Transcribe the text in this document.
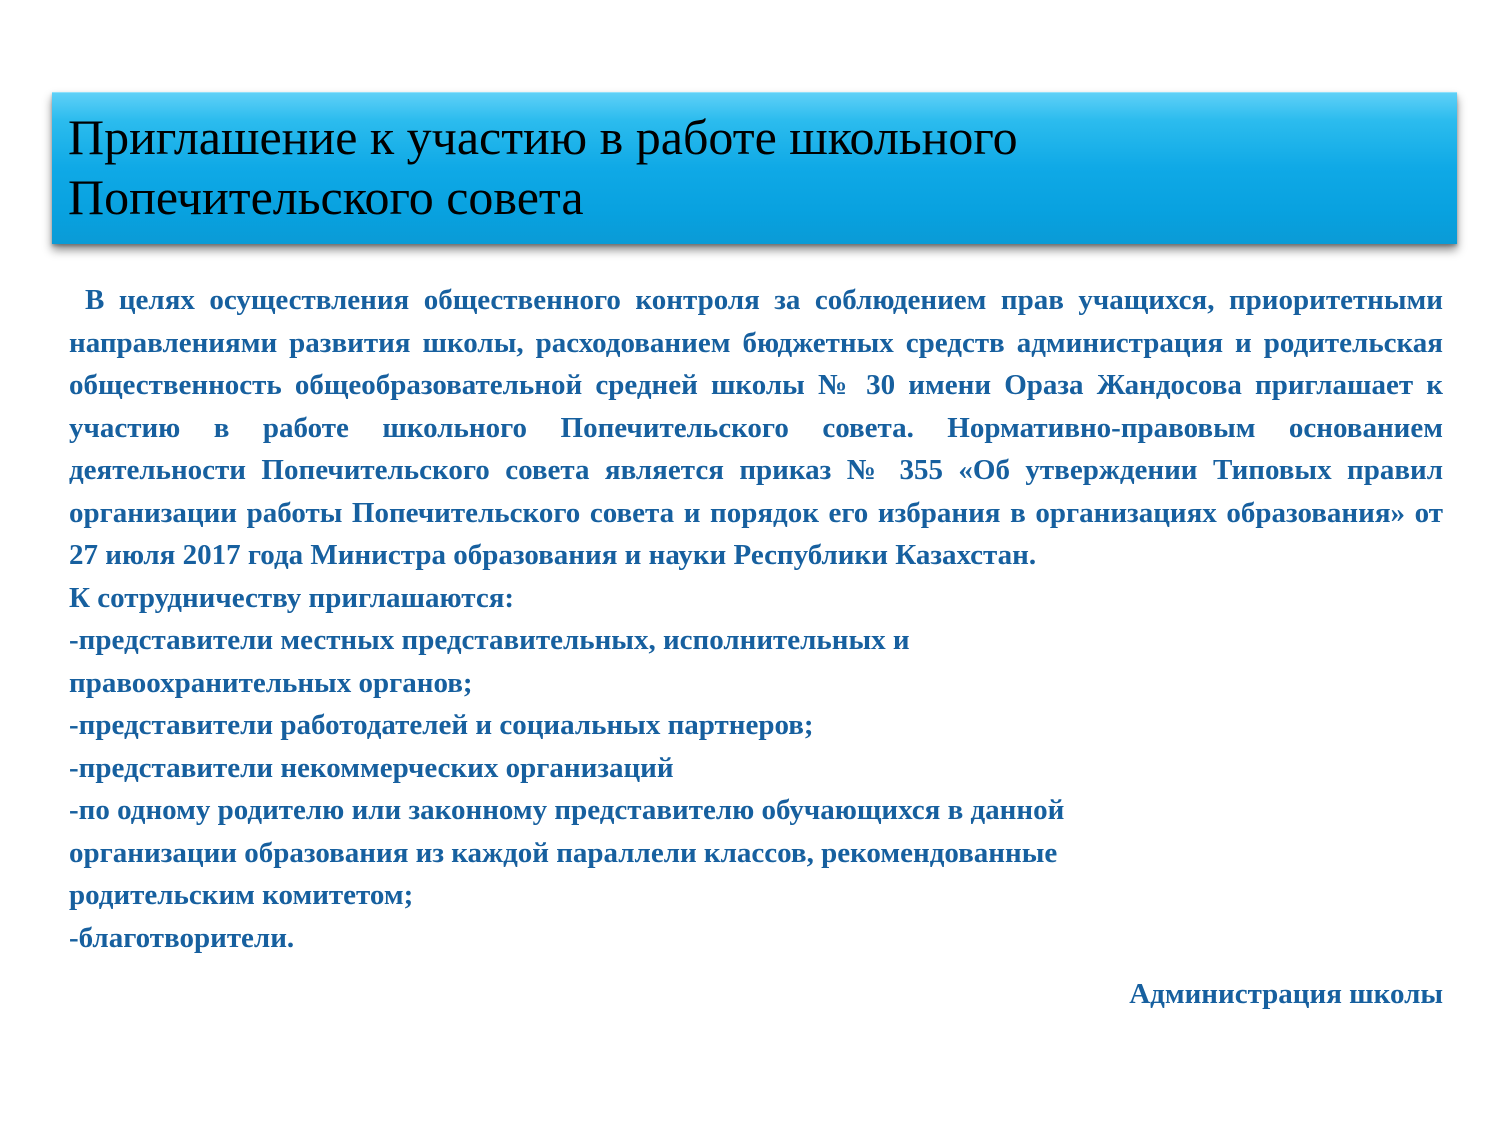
Приглашение к участию в работе школьного
Попечительского совета

В целях осуществления общественного контроля за соблюдением прав учащихся, приоритетными направлениями развития школы, расходованием бюджетных средств администрация и родительская общественность общеобразовательной средней школы № 30 имени Ораза Жандосова приглашает к участию в работе школьного Попечительского совета. Нормативно-правовым основанием деятельности Попечительского совета является приказ № 355 «Об утверждении Типовых правил организации работы Попечительского совета и порядок его избрания в организациях образования» от 27 июля 2017 года Министра образования и науки Республики Казахстан.

К сотрудничеству приглашаются:

-представители местных представительных, исполнительных и

правоохранительных органов;

-представители работодателей и социальных партнеров;

-представители некоммерческих организаций

-по одному родителю или законному представителю обучающихся в данной

организации образования из каждой параллели классов, рекомендованные

родительским комитетом;

-благотворители.

Администрация школы
